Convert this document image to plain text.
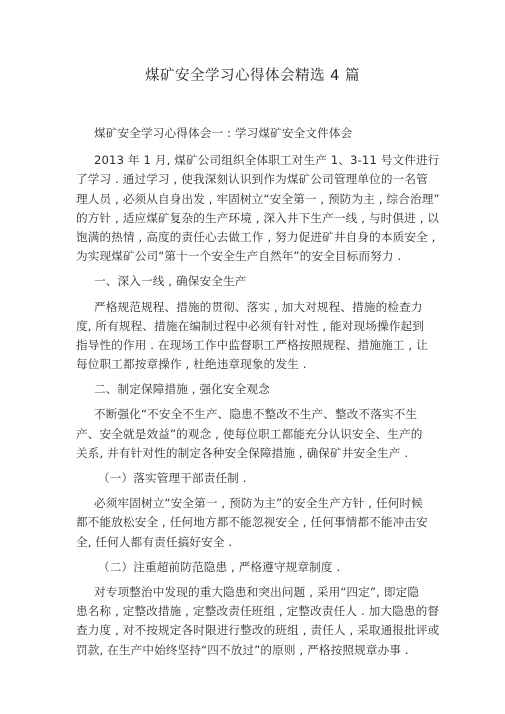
煤矿安全学习心得体会精选 4 篇
煤矿安全学习心得体会一 : 学习煤矿安全文件体会
2013 年 1 月, 煤矿公司组织全体职工对生产 1、3-11 号文件进行
了学习 . 通过学习 , 使我深刻认识到作为煤矿公司管理单位的一名管
理人员 , 必须从自身出发 , 牢固树立“安全第一 , 预防为主 , 综合治理”
的方针 , 适应煤矿复杂的生产环境 , 深入井下生产一线 , 与时俱进 , 以
饱满的热情 , 高度的责任心去做工作 , 努力促进矿井自身的本质安全 ,
为实现煤矿公司“第十一个安全生产自然年”的安全目标而努力 .
一、深入一线 , 确保安全生产
严格规范规程、措施的贯彻、落实 , 加大对规程、措施的检查力
度, 所有规程、措施在编制过程中必须有针对性 , 能对现场操作起到
指导性的作用 . 在现场工作中监督职工严格按照规程、措施施工 , 让
每位职工都按章操作 , 杜绝违章现象的发生 .
二、制定保障措施 , 强化安全观念
不断强化“不安全不生产、隐患不整改不生产、整改不落实不生
产、安全就是效益”的观念 , 使每位职工都能充分认识安全、生产的
关系, 并有针对性的制定各种安全保障措施 , 确保矿井安全生产 .
（一）落实管理干部责任制 .
必须牢固树立“安全第一 , 预防为主”的安全生产方针 , 任何时候
都不能放松安全 , 任何地方都不能忽视安全 , 任何事情都不能冲击安
全, 任何人都有责任搞好安全 .
（二）注重超前防范隐患 , 严格遵守规章制度 .
对专项整治中发现的重大隐患和突出问题 , 采用“四定”, 即定隐
患名称 , 定整改措施 , 定整改责任班组 , 定整改责任人 . 加大隐患的督
查力度 , 对不按规定各时限进行整改的班组 , 责任人 , 采取通报批评或
罚款, 在生产中始终坚持“四不放过”的原则 , 严格按照规章办事 .
